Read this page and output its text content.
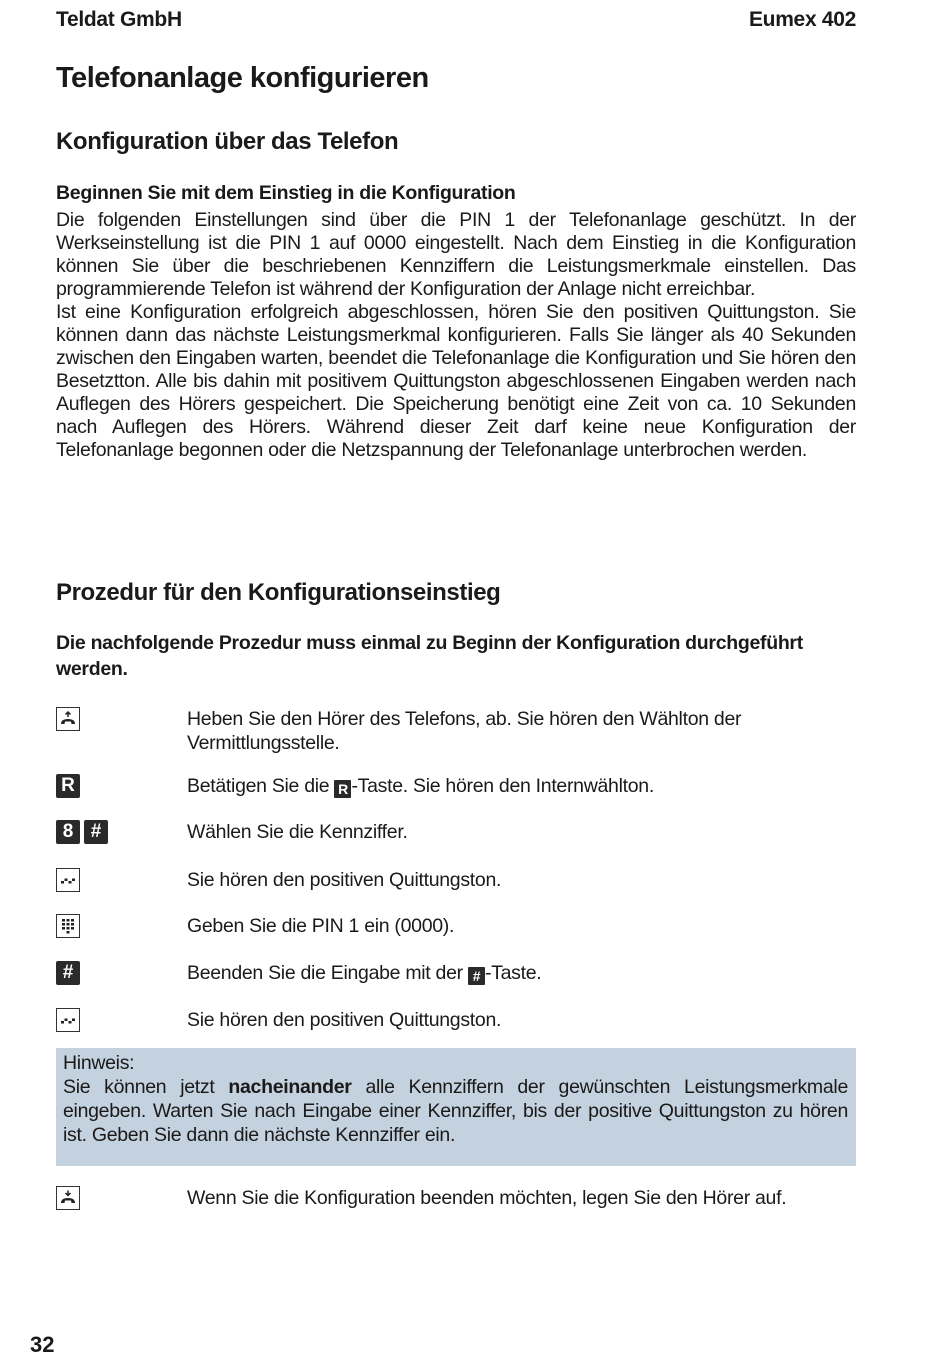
Teldat GmbH	Eumex 402
Telefonanlage konfigurieren
Konfiguration über das Telefon
Beginnen Sie mit dem Einstieg in die Konfiguration

Die folgenden Einstellungen sind über die PIN 1 der Telefonanlage geschützt. In der Werkseinstellung ist die PIN 1 auf 0000 eingestellt. Nach dem Einstieg in die Konfiguration können Sie über die beschriebenen Kennziffern die Leistungsmerkmale einstellen. Das programmierende Telefon ist während der Konfiguration der Anlage nicht erreichbar.

Ist eine Konfiguration erfolgreich abgeschlossen, hören Sie den positiven Quittungston. Sie können dann das nächste Leistungsmerkmal konfigurieren. Falls Sie länger als 40 Sekunden zwischen den Eingaben warten, beendet die Telefonanlage die Konfiguration und Sie hören den Besetztton. Alle bis dahin mit positivem Quittungston abgeschlossenen Eingaben werden nach Auflegen des Hörers gespeichert. Die Speicherung benötigt eine Zeit von ca. 10 Sekunden nach Auflegen des Hörers. Während dieser Zeit darf keine neue Konfiguration der Telefonanlage begonnen oder die Netzspannung der Telefonanlage unterbrochen werden.

Prozedur für den Konfigurationseinstieg
Die nachfolgende Prozedur muss einmal zu Beginn der Konfiguration durchgeführt werden.
Heben Sie den Hörer des Telefons, ab. Sie hören den Wählton der Vermittlungsstelle.
R	Betätigen Sie die R -Taste. Sie hören den Internwählton.
8 #	Wählen Sie die Kennziffer.
Sie hören den positiven Quittungston.
Geben Sie die PIN 1 ein (0000).
#	Beenden Sie die Eingabe mit der # -Taste.
Sie hören den positiven Quittungston.

Hinweis:

Sie können jetzt nacheinander alle Kennziffern der gewünschten Leistungsmerkmale eingeben. Warten Sie nach Eingabe einer Kennziffer, bis der positive Quittungston zu hören ist. Geben Sie dann die nächste Kennziffer ein.

Wenn Sie die Konfiguration beenden möchten, legen Sie den Hörer auf.
32
